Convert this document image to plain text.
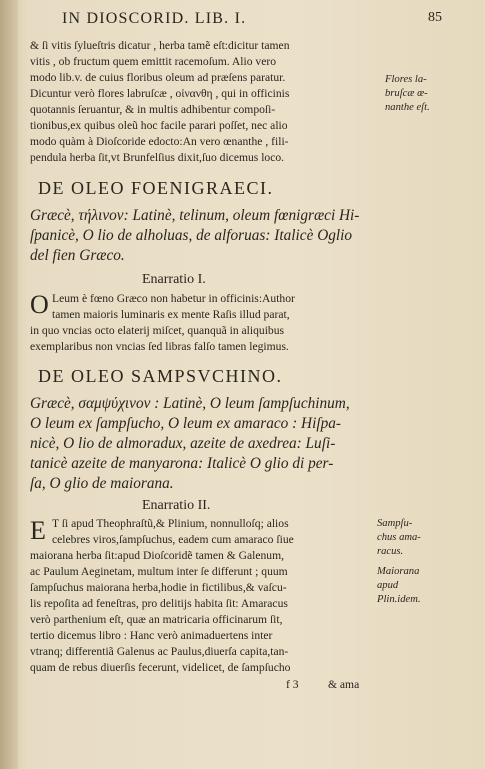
IN DIOSCORID. LIB. I.	85
& ſi vitis ſylueſtris dicatur , herba tamẽ eſt:dicitur tamen
vitis , ob fructum quem emittit racemoſum. Alio vero
modo lib.v. de cuius floribus oleum ad præſens paratur.
Dicuntur verò flores labruſcæ , οἰνανθη , qui in officinis
quotannis ſeruantur, & in multis adhibentur compoſi-
tionibus,ex quibus oleũ hoc facile parari poſſet, nec alio
modo quàm à Dioſcoride edocto:An vero œnanthe , fili-
pendula herba ſit,vt Brunfelſius dixit,ſuo dicemus loco.
Flores la-
bruſcæ œ-
nanthe eſt.
DE OLEO FOENIGRAECI.
Græcè, τήλινον: Latinè, telinum, oleum fœnigræci Hi-
ſpanicè, O lio de alholuas, de alforuas: Italicè Oglio
del fien Græco.
Enarratio I.
O Leum è fœno Græco non habetur in officinis:Author
tamen maioris luminaris ex mente Raſis illud parat,
in quo vncias octo elaterij miſcet, quanquã in aliquibus
exemplaribus non vncias ſed libras falſo tamen legimus.
DE OLEO SAMPSVCHINO.
Græcè, σαμψύχινον : Latinè, O leum ſampſuchinum,
O leum ex ſampſucho, O leum ex amaraco : Hiſpa-
nicè, O lio de almoradux, azeite de axedrea: Luſi-
tanicè azeite de manyarona: Italicè O glio di per-
ſa, O glio de maiorana.
Enarratio II.
E T ſi apud Theophraſtũ,& Plinium, nonnulloſq; alios
celebres viros,ſampſuchus, eadem cum amaraco ſiue
maiorana herba ſit:apud Dioſcoridẽ tamen & Galenum,
ac Paulum Aeginetam, multum inter ſe differunt ; quum
ſampſuchus maiorana herba,hodie in fictilibus,& vaſcu-
lis repoſita ad feneſtras, pro delitijs habita ſit: Amaracus
verò parthenium eſt, quæ an matricaria officinarum ſit,
tertio dicemus libro : Hanc verò animaduertens inter
vtranq; differentiã Galenus ac Paulus,diuerſa capita,tan-
quam de rebus diuerſis fecerunt, videlicet, de ſampſucho
Sampſu-
chus ama-
racus.
Maiorana
apud
Plin.idem.
f 3	& ama
